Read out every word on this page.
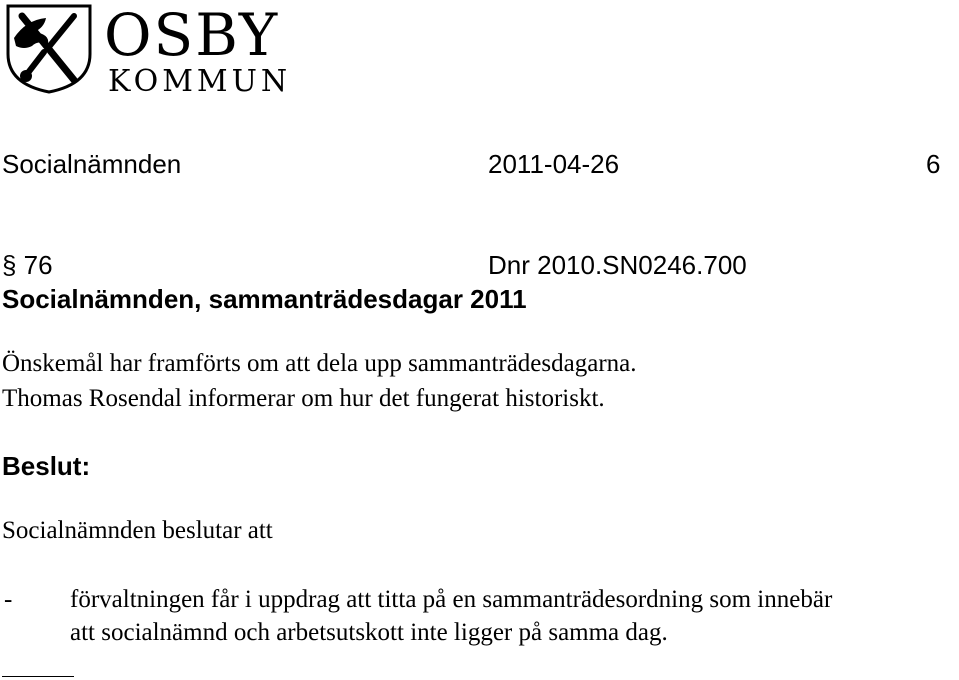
OSBY
KOMMUN
Socialnämnden	2011-04-26	6
§ 76	Dnr 2010.SN0246.700
Socialnämnden, sammanträdesdagar 2011
Önskemål har framförts om att dela upp sammanträdesdagarna.
Thomas Rosendal informerar om hur det fungerat historiskt.
Beslut:
Socialnämnden beslutar att
- förvaltningen får i uppdrag att titta på en sammanträdesordning som innebär
att socialnämnd och arbetsutskott inte ligger på samma dag.
